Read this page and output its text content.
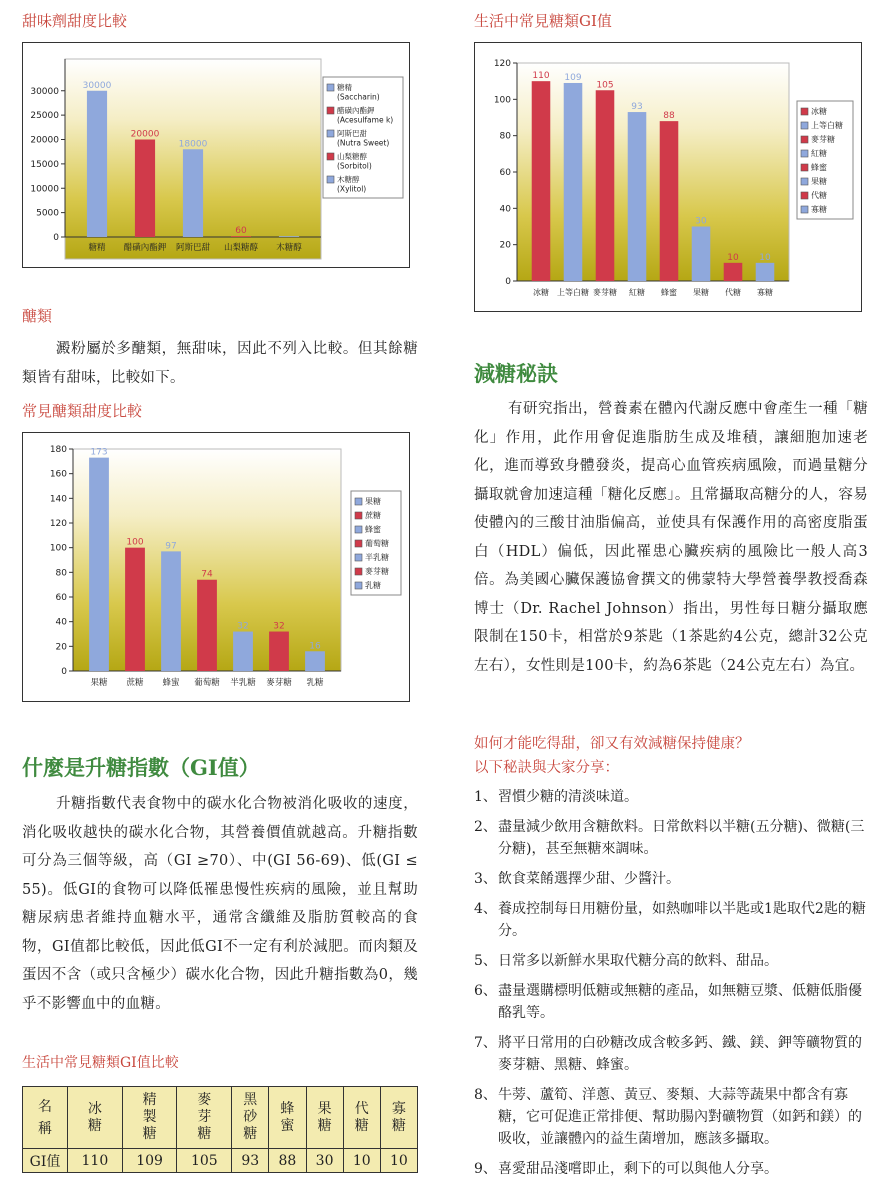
甜味劑甜度比較
0
5000
10000
15000
20000
25000
30000
30000
糖精
20000
醋磺內酯鉀
18000
阿斯巴甜
60
山梨糖醇 木糖醇
糖精
(Saccharin)
醋磺內酯鉀
(Acesulfame k)
阿斯巴甜
(Nutra Sweet)
山梨糖醇
(Sorbitol)
木糖醇
(Xylitol)
醣類
澱粉屬於多醣類，無甜味，因此不列入比較。但其餘糖類皆有甜味，比較如下。
常見醣類甜度比較
0
20
40
60
80
100
120
140
160
180	173
果糖
100
蔗糖
97
蜂蜜
74
葡萄糖
32
半乳糖
32
麥芽糖
16
乳糖
果糖
蔗糖
蜂蜜
葡萄糖
半乳糖
麥芽糖
乳糖
什麼是升糖指數（GI值）
升糖指數代表食物中的碳水化合物被消化吸收的速度，消化吸收越快的碳水化合物，其營養價值就越高。升糖指數可分為三個等級，高（GI ≥70）、中(GI 56-69)、低(GI ≤ 55)。低GI的食物可以降低罹患慢性疾病的風險，並且幫助糖尿病患者維持血糖水平，通常含纖維及脂肪質較高的食物，GI值都比較低，因此低GI不一定有利於減肥。而肉類及蛋因不含（或只含極少）碳水化合物，因此升糖指數為0，幾乎不影響血中的血糖。
生活中常見糖類GI值比較
名稱	冰糖	精製糖	麥芽糖	黑砂糖	蜂蜜	果糖	代糖	寡糖
GI值	110	109	105	93	88	30	10	10
生活中常見糖類GI值
0
20
40
60
80
100
120
110
冰糖
109
上等白糖
105
麥芽糖
93
紅糖
88
蜂蜜
30
果糖
10
代糖
10
寡糖
冰糖
上等白糖
麥芽糖
紅糖
蜂蜜
果糖
代糖
寡糖
減糖秘訣
有研究指出，營養素在體內代謝反應中會產生一種「糖化」作用，此作用會促進脂肪生成及堆積，讓細胞加速老化，進而導致身體發炎，提高心血管疾病風險，而過量糖分攝取就會加速這種「糖化反應」。且常攝取高糖分的人，容易使體內的三酸甘油脂偏高，並使具有保護作用的高密度脂蛋白（HDL）偏低，因此罹患心臟疾病的風險比一般人高3倍。為美國心臟保護協會撰文的佛蒙特大學營養學教授喬森博士（Dr. Rachel Johnson）指出，男性每日糖分攝取應限制在150卡，相當於9茶匙（1茶匙約4公克，總計32公克左右），女性則是100卡，約為6茶匙（24公克左右）為宜。
如何才能吃得甜，卻又有效減糖保持健康？
以下秘訣與大家分享：
1、 習慣少糖的清淡味道。
2、 盡量減少飲用含糖飲料。日常飲料以半糖(五分糖)、微糖(三分糖)，甚至無糖來調味。
3、 飲食菜餚選擇少甜、少醬汁。
4、 養成控制每日用糖份量，如熱咖啡以半匙或1匙取代2匙的糖分。
5、 日常多以新鮮水果取代糖分高的飲料、甜品。
6、 盡量選購標明低糖或無糖的產品，如無糖豆漿、低糖低脂優酪乳等。
7、 將平日常用的白砂糖改成含較多鈣、鐵、鎂、鉀等礦物質的麥芽糖、黑糖、蜂蜜。
8、 牛蒡、蘆筍、洋蔥、黃豆、麥類、大蒜等蔬果中都含有寡糖，它可促進正常排便、幫助腸內對礦物質（如鈣和鎂）的吸收，並讓體內的益生菌增加，應該多攝取。
9、 喜愛甜品淺嚐即止，剩下的可以與他人分享。
